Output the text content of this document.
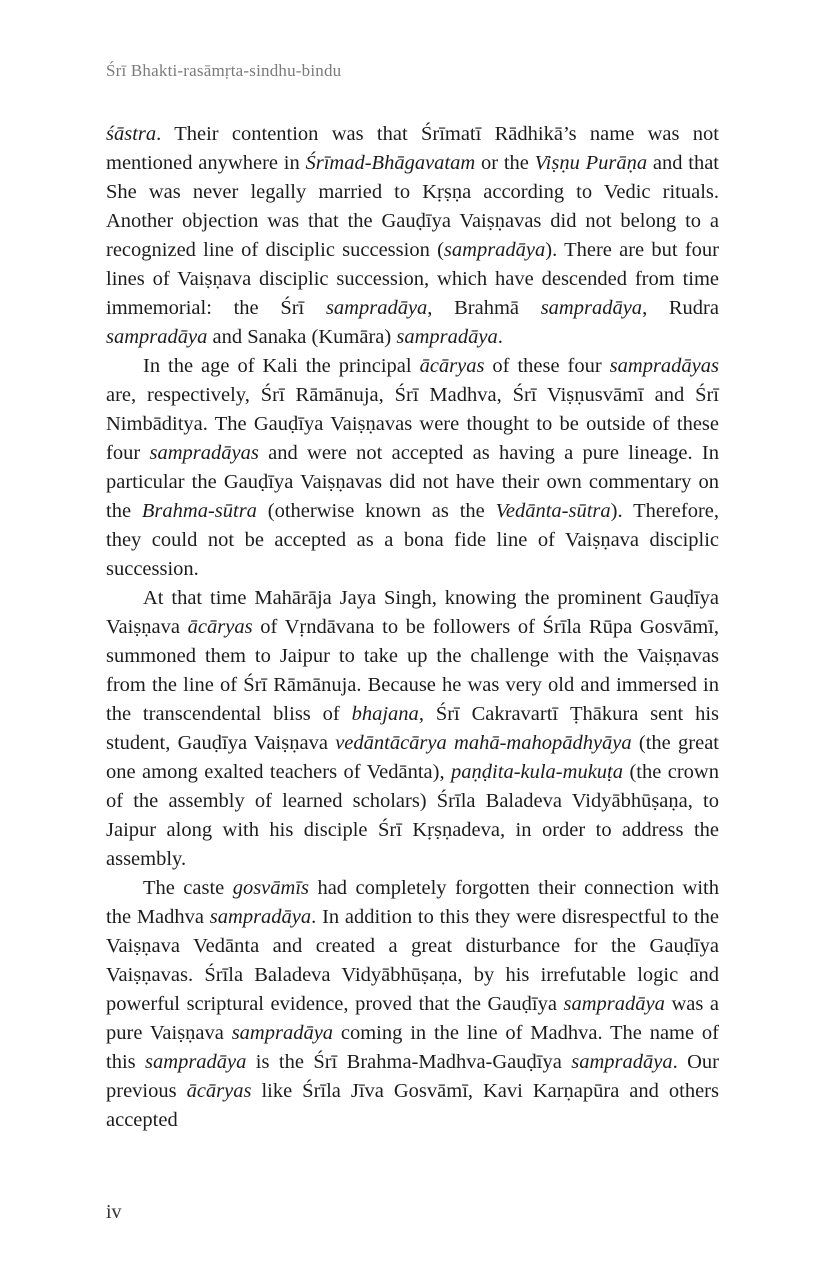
Śrī Bhakti-rasāmṛta-sindhu-bindu

śāstra. Their contention was that Śrīmatī Rādhikā’s name was not mentioned anywhere in Śrīmad-Bhāgavatam or the Viṣṇu Purāṇa and that She was never legally married to Kṛṣṇa according to Vedic rituals. Another objection was that the Gauḍīya Vaiṣṇavas did not belong to a recognized line of disciplic succession (sampradāya). There are but four lines of Vaiṣṇava disciplic succession, which have descended from time immemorial: the Śrī sampradāya, Brahmā sampradāya, Rudra sampradāya and Sanaka (Kumāra) sampradāya.

In the age of Kali the principal ācāryas of these four sampradāyas are, respectively, Śrī Rāmānuja, Śrī Madhva, Śrī Viṣṇusvāmī and Śrī Nimbāditya. The Gauḍīya Vaiṣṇavas were thought to be outside of these four sampradāyas and were not accepted as having a pure lineage. In particular the Gauḍīya Vaiṣṇavas did not have their own commentary on the Brahma-sūtra (otherwise known as the Vedānta-sūtra). Therefore, they could not be accepted as a bona fide line of Vaiṣṇava disciplic succession.

At that time Mahārāja Jaya Singh, knowing the prominent Gauḍīya Vaiṣṇava ācāryas of Vṛndāvana to be followers of Śrīla Rūpa Gosvāmī, summoned them to Jaipur to take up the challenge with the Vaiṣṇavas from the line of Śrī Rāmānuja. Because he was very old and immersed in the transcendental bliss of bhajana, Śrī Cakravartī Ṭhākura sent his student, Gauḍīya Vaiṣṇava vedāntācārya mahā-mahopādhyāya (the great one among exalted teachers of Vedānta), paṇḍita-kula-mukuṭa (the crown of the assembly of learned scholars) Śrīla Baladeva Vidyābhūṣaṇa, to Jaipur along with his disciple Śrī Kṛṣṇadeva, in order to address the assembly.

The caste gosvāmīs had completely forgotten their connection with the Madhva sampradāya. In addition to this they were disrespectful to the Vaiṣṇava Vedānta and created a great disturbance for the Gauḍīya Vaiṣṇavas. Śrīla Baladeva Vidyābhūṣaṇa, by his irrefutable logic and powerful scriptural evidence, proved that the Gauḍīya sampradāya was a pure Vaiṣṇava sampradāya coming in the line of Madhva. The name of this sampradāya is the Śrī Brahma-Madhva-Gauḍīya sampradāya. Our previous ācāryas like Śrīla Jīva Gosvāmī, Kavi Karṇapūra and others accepted

iv
